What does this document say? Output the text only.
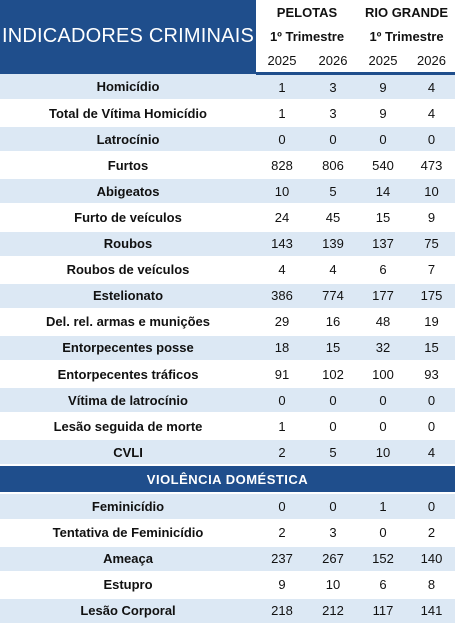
INDICADORES CRIMINAIS	PELOTAS		RIO GRANDE	
	1º Trimestre		1º Trimestre	
	2025	2026	2025	2026
Homicídio	1	3	9	4
Total de Vítima Homicídio	1	3	9	4
Latrocínio	0	0	0	0
Furtos	828	806	540	473
Abigeatos	10	5	14	10
Furto de veículos	24	45	15	9
Roubos	143	139	137	75
Roubos de veículos	4	4	6	7
Estelionato	386	774	177	175
Del. rel. armas e munições	29	16	48	19
Entorpecentes posse	18	15	32	15
Entorpecentes tráficos	91	102	100	93
Vítima de latrocínio	0	0	0	0
Lesão seguida de morte	1	0	0	0
CVLI	2	5	10	4
VIOLÊNCIA DOMÉSTICA				
Feminicídio	0	0	1	0
Tentativa de Feminicídio	2	3	0	2
Ameaça	237	267	152	140
Estupro	9	10	6	8
Lesão Corporal	218	212	117	141
